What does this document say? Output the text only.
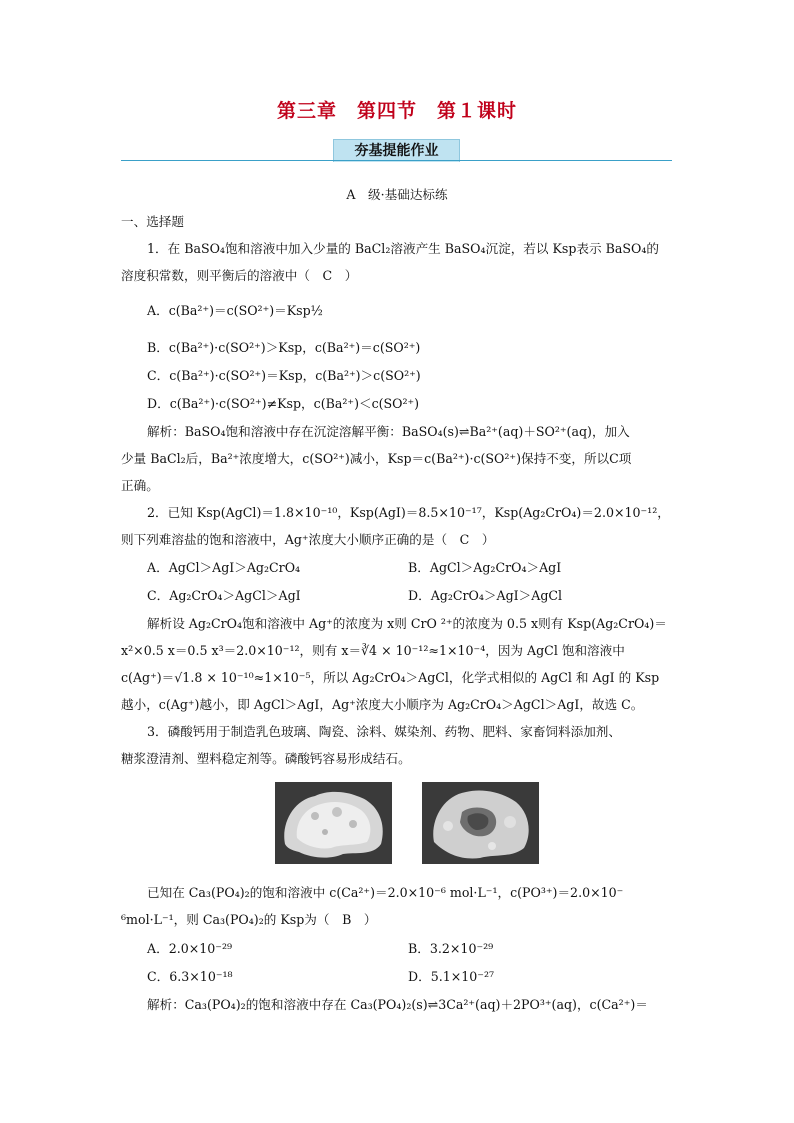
第三章　第四节　第１课时
夯基提能作业
A　级·基础达标练
一、选择题
1．在 BaSO₄饱和溶液中加入少量的 BaCl₂溶液产生 BaSO₄沉淀，若以 Ksp表示 BaSO₄的
溶度积常数，则平衡后的溶液中（　C　）
A．c(Ba²⁺)＝c(SO²⁺)＝Ksp½
B．c(Ba²⁺)·c(SO²⁺)＞Ksp，c(Ba²⁺)＝c(SO²⁺)
C．c(Ba²⁺)·c(SO²⁺)＝Ksp，c(Ba²⁺)＞c(SO²⁺)
D．c(Ba²⁺)·c(SO²⁺)≠Ksp，c(Ba²⁺)＜c(SO²⁺)
解析：BaSO₄饱和溶液中存在沉淀溶解平衡：BaSO₄(s)⇌Ba²⁺(aq)＋SO²⁺(aq)，加入
少量 BaCl₂后，Ba²⁺浓度增大，c(SO²⁺)减小，Ksp＝c(Ba²⁺)·c(SO²⁺)保持不变，所以C项
正确。
2．已知 Ksp(AgCl)＝1.8×10⁻¹⁰，Ksp(AgI)＝8.5×10⁻¹⁷，Ksp(Ag₂CrO₄)＝2.0×10⁻¹²，
则下列难溶盐的饱和溶液中，Ag⁺浓度大小顺序正确的是（　C　）
A．AgCl＞AgI＞Ag₂CrO₄	B．AgCl＞Ag₂CrO₄＞AgI
C．Ag₂CrO₄＞AgCl＞AgI	D．Ag₂CrO₄＞AgI＞AgCl
解析设 Ag₂CrO₄饱和溶液中 Ag⁺的浓度为 x则 CrO ²⁺的浓度为 0.5 x则有 Ksp(Ag₂CrO₄)＝
x²×0.5 x＝0.5 x³＝2.0×10⁻¹²，则有 x＝∛4 × 10⁻¹²≈1×10⁻⁴，因为 AgCl 饱和溶液中
c(Ag⁺)＝√1.8 × 10⁻¹⁰≈1×10⁻⁵，所以 Ag₂CrO₄＞AgCl，化学式相似的 AgCl 和 AgI 的 Ksp
越小，c(Ag⁺)越小，即 AgCl＞AgI，Ag⁺浓度大小顺序为 Ag₂CrO₄＞AgCl＞AgI，故选 C。
3．磷酸钙用于制造乳色玻璃、陶瓷、涂料、媒染剂、药物、肥料、家畜饲料添加剂、
糖浆澄清剂、塑料稳定剂等。磷酸钙容易形成结石。
已知在 Ca₃(PO₄)₂的饱和溶液中 c(Ca²⁺)＝2.0×10⁻⁶ mol·L⁻¹，c(PO³⁺)＝2.0×10⁻
⁶mol·L⁻¹，则 Ca₃(PO₄)₂的 Ksp为（　B　）
A．2.0×10⁻²⁹	B．3.2×10⁻²⁹
C．6.3×10⁻¹⁸	D．5.1×10⁻²⁷
解析：Ca₃(PO₄)₂的饱和溶液中存在 Ca₃(PO₄)₂(s)⇌3Ca²⁺(aq)＋2PO³⁺(aq)，c(Ca²⁺)＝
